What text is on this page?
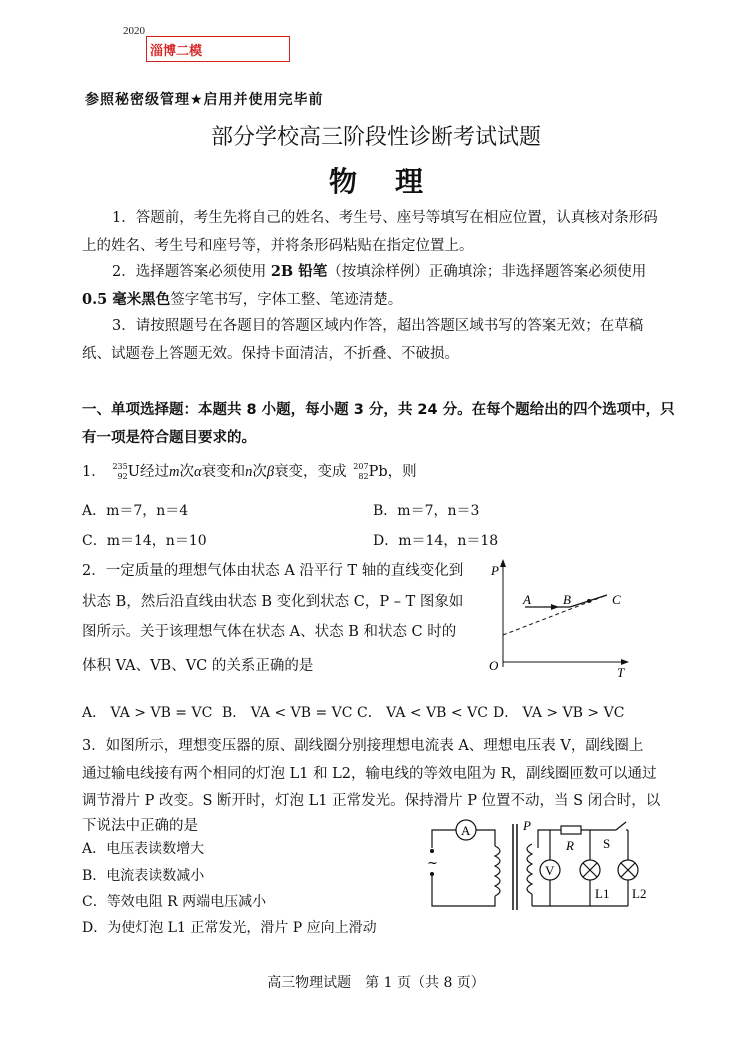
2020
淄博二模
参照秘密级管理★启用并使用完毕前
部分学校高三阶段性诊断考试试题
物理
1．答题前，考生先将自己的姓名、考生号、座号等填写在相应位置，认真核对条形码上的姓名、考生号和座号等，并将条形码粘贴在指定位置上。
2．选择题答案必须使用 2B 铅笔（按填涂样例）正确填涂；非选择题答案必须使用 0.5 毫米黑色签字笔书写，字体工整、笔迹清楚。
3．请按照题号在各题目的答题区域内作答，超出答题区域书写的答案无效；在草稿纸、试题卷上答题无效。保持卡面清洁，不折叠、不破损。
一、单项选择题：本题共 8 小题，每小题 3 分，共 24 分。在每个题给出的四个选项中，只有一项是符合题目要求的。
1． 235
92 U经过m次α衰变和n次β衰变，变成 207
82 Pb，则
A．m＝7，n＝4	B．m＝7，n＝3
C．m＝14，n＝10	D．m＝14，n＝18
2．一定质量的理想气体由状态 A 沿平行 T 轴的直线变化到
状态 B，然后沿直线由状态 B 变化到状态 C，P – T 图象如
图所示。关于该理想气体在状态 A、状态 B 和状态 C 时的
体积 VA、VB、VC 的关系正确的是
P
T
O
A B	C
A． VA > VB = VC B． VA < VB = VC C． VA < VB < VC D． VA > VB > VC
3．如图所示，理想变压器的原、副线圈分别接理想电流表 A、理想电压表 V，副线圈上
通过输电线接有两个相同的灯泡 L1 和 L2，输电线的等效电阻为 R，副线圈匝数可以通过
调节滑片 P 改变。S 断开时，灯泡 L1 正常发光。保持滑片 P 位置不动，当 S 闭合时，以
下说法中正确的是
A．电压表读数增大
B．电流表读数减小
C．等效电阻 R 两端电压减小
D．为使灯泡 L1 正常发光，滑片 P 应向上滑动
~
A
V
P
R S
L1 L2
高三物理试题　第 1 页（共 8 页）
